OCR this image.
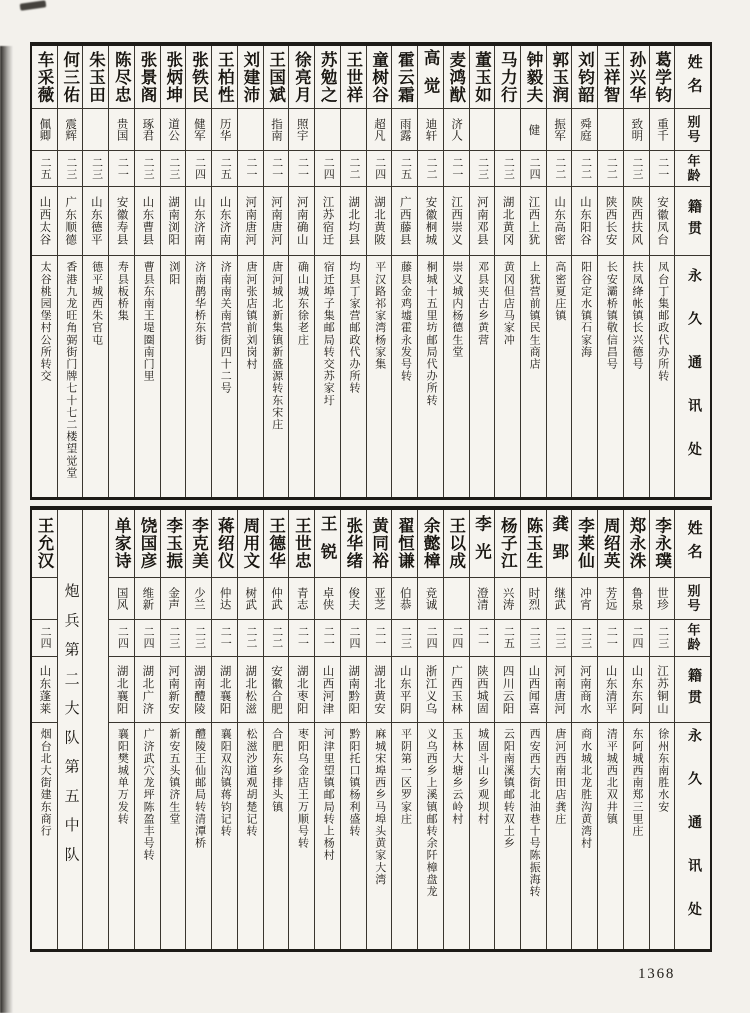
姓名
别号
年龄
籍贯
永久通讯处
葛学钧
重千
二一
安徽凤台
凤台丁集邮政代办所转
孙兴华
致明
二三
陕西扶风
扶凤绛帐镇长兴德号
王祥智
二二
陕西长安
长安灞桥镇敬信昌号
刘钧韶
舜庭
二二
山东阳谷
阳谷定水镇石家海
郭玉润
振军
二二
山东高密
高密夏庄镇
钟毅夫
健
二四
江西上犹
上犹营前镇民生商店
马力行
二三
湖北黄冈
黄冈但店马家冲
董玉如
二三
河南邓县
邓县夹古乡黄营
麦鸿猷
济人
二一
江西崇义
崇义城内杨德生堂
高觉
迪轩
二二
安徽桐城
桐城十五里坊邮局代办所转
霍云霜
雨露
二五
广西藤县
藤县金鸡墟霍永发号转
童树谷
超凡
二四
湖北黄陂
平汉路祁家湾杨家集
王世祥
二二
湖北均县
均县丁家营邮政代办所转
苏勉之
二四
江苏宿迁
宿迁埠子集邮局转交苏家圩
徐亮月
照宇
二一
河南确山
确山城东徐老庄
王国斌
指南
二一
河南唐河
唐河城北新集镇新盛源转东宋庄
刘建沛
二一
河南唐河
唐河张店镇前刘岗村
王柏性
历华
二五
山东济南
济南南关南营街四十二号
张铁民
健军
二四
山东济南
济南鹊华桥东街
张炳坤
道公
二三
湖南浏阳
浏阳
张景阁
琢君
二三
山东曹县
曹县东南王堤圈南门里
陈尽忠
贵国
二一
安徽寿县
寿县板桥集
朱玉田
二三
山东德平
德平城西朱官屯
何三佑
震辉
二三
广东顺德
香港九龙旺角弼街门牌七十七二楼望觉堂
车采薇
佩卿
二五
山西太谷
太谷桃园堡村公所转交
姓名
别号
年龄
籍贯
永久通讯处
李永璞
世珍
二三
江苏铜山
徐州东南胜水安
郑永洙
鲁泉
二四
山东东阿
东阿城西南郑三里庄
周绍英
芳远
二一
山东清平
清平城西北双井镇
李莱仙
冲宵
二三
河南商水
商水城北龙胜沟黄湾村
龚郢
继武
二三
河南唐河
唐河西南田店龚庄
陈玉生
时烈
二三
山西闻喜
西安西大街北油巷十号陈振海转
杨子江
兴涛
二五
四川云阳
云阳南溪镇邮转双土乡
李光
澄清
二一
陕西城固
城固斗山乡观坝村
王以成
二四
广西玉林
玉林大塘乡云岭村
余懿樟
竞诚
二四
浙江义乌
义乌西乡上溪镇邮转余阡樟盘龙
翟恒谦
伯恭
二三
山东平阴
平阴第一区罗家庄
黄同裕
亚芝
二一
湖北黄安
麻城宋埠西乡马埠头黄家大湾
张华绪
俊夫
二四
湖南黔阳
黔阳托口镇杨利盛转
王锐
卓侠
二一
山西河津
河津里望镇邮局转上杨村
王世忠
青志
二一
湖北枣阳
枣阳乌金店王万顺号转
王德华
仲武
二二
安徽合肥
合肥东乡排头镇
周用文
树武
二二
湖北松滋
松滋沙道观胡楚记转
蒋绍仪
仲达
二一
湖北襄阳
襄阳双沟镇蒋钧记转
李克美
少兰
二三
湖南醴陵
醴陵王仙邮局转清潭桥
李玉振
金声
二三
河南新安
新安五头镇济生堂
饶国彦
维新
二四
湖北广济
广济武穴龙坪陈盈丰号转
单家诗
国风
二四
湖北襄阳
襄阳樊城单万发转
炮兵第二大队第五中队
王允汉
二四
山东蓬莱
烟台北大街建东商行
1368
